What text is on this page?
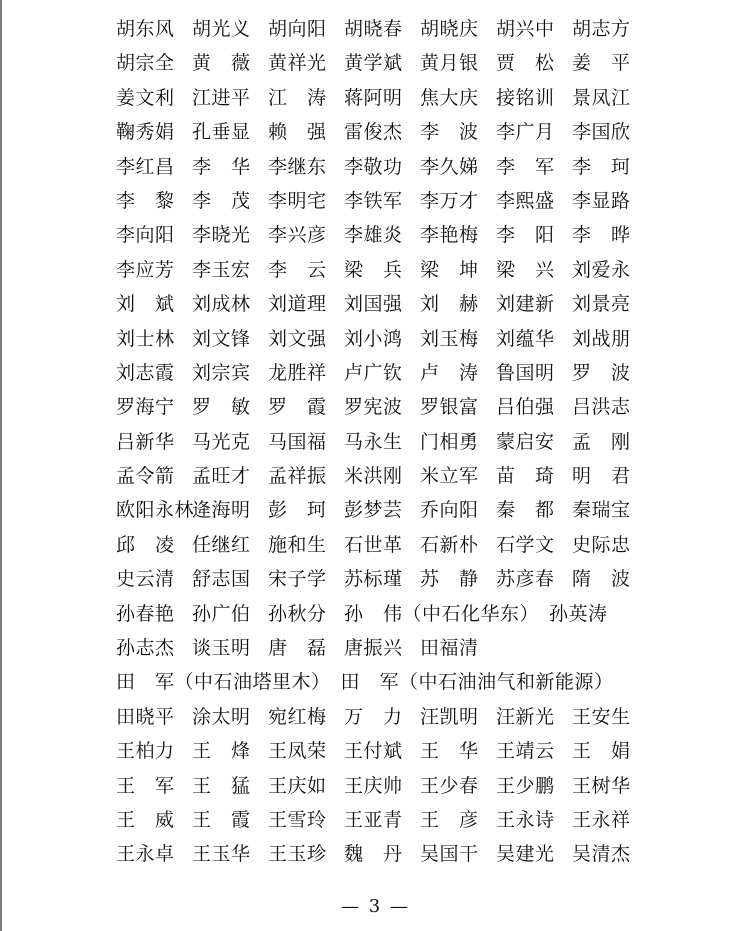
胡东风 胡光义 胡向阳 胡晓春 胡晓庆 胡兴中 胡志方
胡宗全 黄　薇 黄祥光 黄学斌 黄月银 贾　松 姜　平
姜文利 江进平 江　涛 蒋阿明 焦大庆 接铭训 景凤江
鞠秀娟 孔垂显 赖　强 雷俊杰 李　波 李广月 李国欣
李红昌 李　华 李继东 李敬功 李久娣 李　军 李　珂
李　黎 李　茂 李明宅 李铁军 李万才 李熙盛 李显路
李向阳 李晓光 李兴彦 李雄炎 李艳梅 李　阳 李　晔
李应芳 李玉宏 李　云 梁　兵 梁　坤 梁　兴 刘爱永
刘　斌 刘成林 刘道理 刘国强 刘　赫 刘建新 刘景亮
刘士林 刘文锋 刘文强 刘小鸿 刘玉梅 刘蕴华 刘战朋
刘志霞 刘宗宾 龙胜祥 卢广钦 卢　涛 鲁国明 罗　波
罗海宁 罗　敏 罗　霞 罗宪波 罗银富 吕伯强 吕洪志
吕新华 马光克 马国福 马永生 门相勇 蒙启安 孟　刚
孟令箭 孟旺才 孟祥振 米洪刚 米立军 苗　琦 明　君
欧阳永林
逄海明 彭　珂 彭梦芸 乔向阳 秦　都 秦瑞宝
邱　凌 任继红 施和生 石世革 石新朴 石学文 史际忠
史云清 舒志国 宋子学 苏标瑾 苏　静 苏彦春 隋　波
孙春艳 孙广伯 孙秋分 孙　伟（中石化华东） 孙英涛
孙志杰 谈玉明 唐　磊 唐振兴 田福清
田　军（中石油塔里木） 田　军（中石油油气和新能源）
田晓平 涂太明 宛红梅 万　力 汪凯明 汪新光 王安生
王柏力 王　烽 王凤荣 王付斌 王　华 王靖云 王　娟
王　军 王　猛 王庆如 王庆帅 王少春 王少鹏 王树华
王　威 王　霞 王雪玲 王亚青 王　彦 王永诗 王永祥
王永卓 王玉华 王玉珍 魏　丹 吴国干 吴建光 吴清杰
— 3 —
